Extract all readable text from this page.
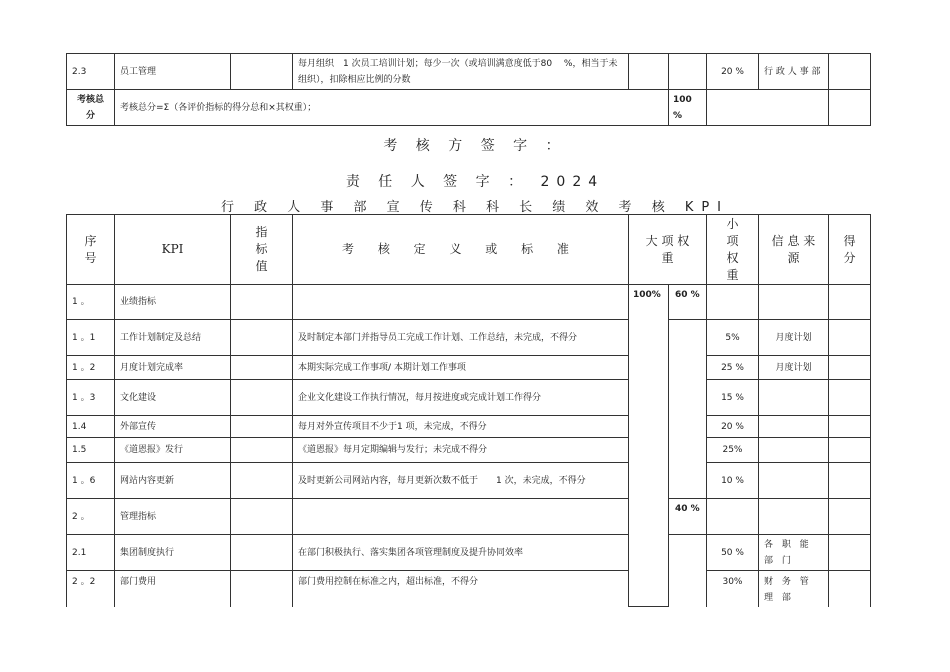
2.3	员工管理		每月组织　1 次员工培训计划；每少一次（或培训满意度低于80　 %，相当于未组织），扣除相应比例的分数			20 %	行 政 人 事 部	
考核总分	考核总分=Σ（各评价指标的得分总和×其权重）；				100 %			
考 核 方 签 字 ：
责 任 人 签 字 ： 2024
行 政 人 事 部 宣 传 科 科 长 绩 效 考 核 KPI
序号	KPI	指标值	考 核 定 义 或 标 准	大 项 权 重		小项权重	信 息 来 源	得分
1 。	业绩指标			100%	60 %			
1 。1	工作计划制定及总结		及时制定本部门并指导员工完成工作计划、工作总结，未完成，不得分			5%	月度计划	
1 。2	月度计划完成率		本期实际完成工作事项/ 本期计划工作事项			25 %	月度计划	
1 。3	文化建设		企业文化建设工作执行情况，每月按进度或完成计划工作得分			15 %		
1.4	外部宣传		每月对外宣传项目不少于1 项，未完成，不得分			20 %		
1.5	《道恩报》发行		《道恩报》每月定期编辑与发行；未完成不得分			25%		
1 。6	网站内容更新		及时更新公司网站内容，每月更新次数不低于　　1 次，未完成，不得分			10 %		
2 。	管理指标				40 %			
2.1	集团制度执行		在部门积极执行、落实集团各项管理制度及提升协同效率			50 %	各 职 能 部 门	
2 。2	部门费用		部门费用控制在标准之内，超出标准，不得分			30%	财 务 管 理 部	
